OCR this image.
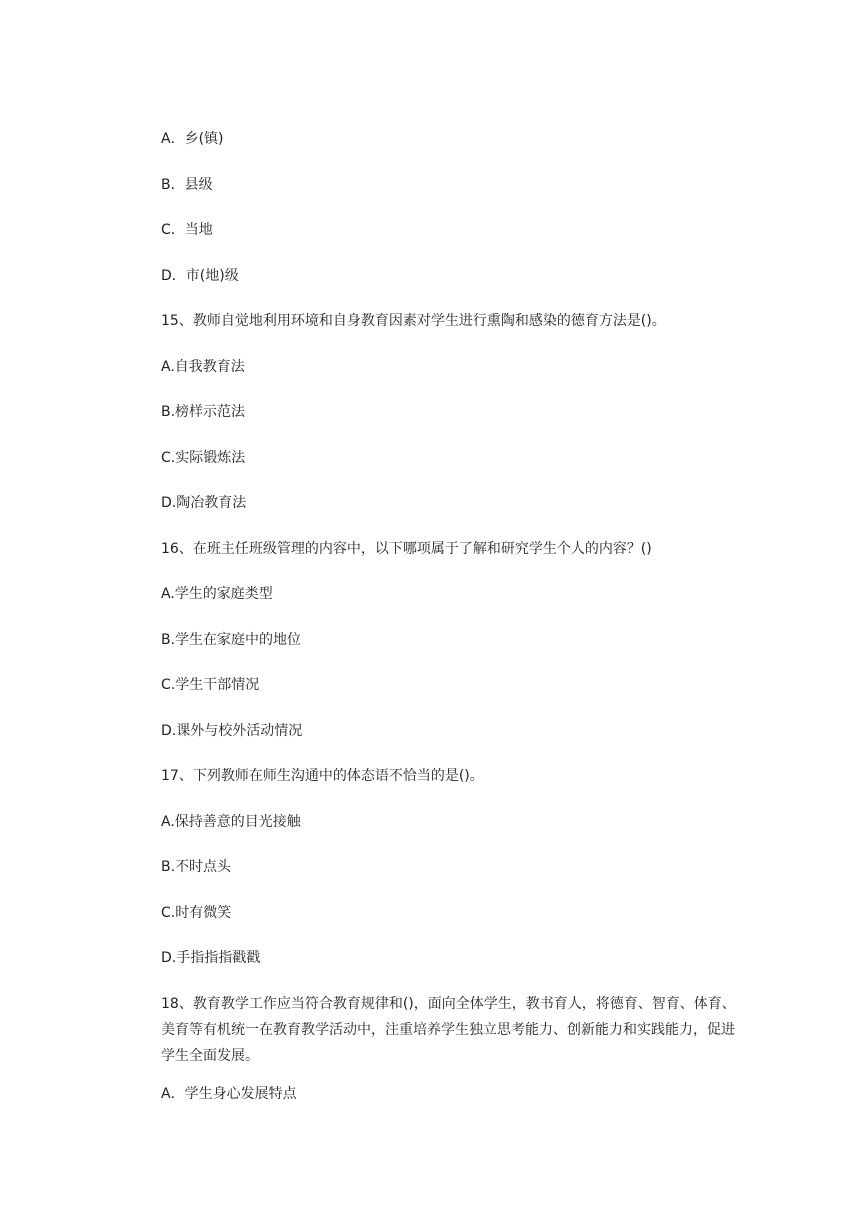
A．乡(镇)
B．县级
C．当地
D．市(地)级
15、教师自觉地利用环境和自身教育因素对学生进行熏陶和感染的德育方法是()。
A.自我教育法
B.榜样示范法
C.实际锻炼法
D.陶冶教育法
16、在班主任班级管理的内容中，以下哪项属于了解和研究学生个人的内容？()
A.学生的家庭类型
B.学生在家庭中的地位
C.学生干部情况
D.课外与校外活动情况
17、下列教师在师生沟通中的体态语不恰当的是()。
A.保持善意的目光接触
B.不时点头
C.时有微笑
D.手指指指戳戳
18、教育教学工作应当符合教育规律和()，面向全体学生，教书育人，将德育、智育、体育、美育等有机统一在教育教学活动中，注重培养学生独立思考能力、创新能力和实践能力，促进学生全面发展。
A．学生身心发展特点
